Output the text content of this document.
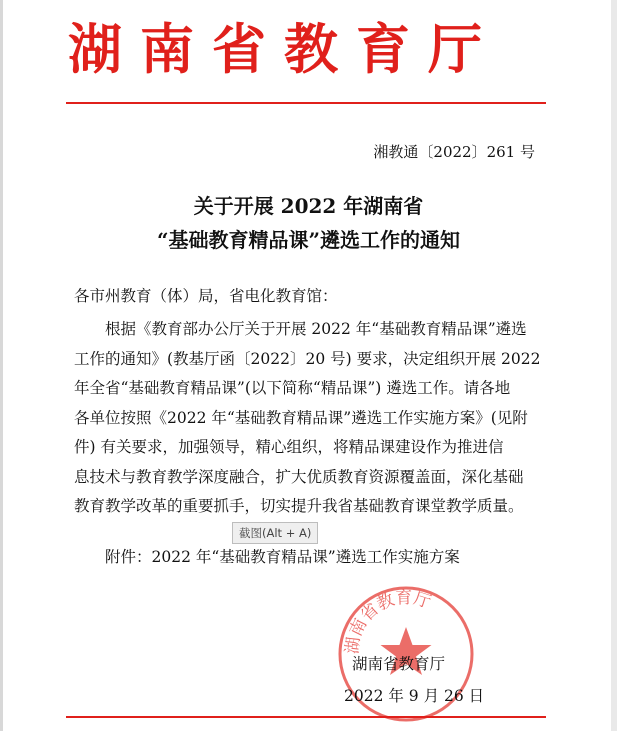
湖南省教育厅
湘教通〔2022〕261 号
关于开展 2022 年湖南省
“基础教育精品课”遴选工作的通知
各市州教育（体）局，省电化教育馆：
根据《教育部办公厅关于开展 2022 年“基础教育精品课”遴选
工作的通知》(教基厅函〔2022〕20 号) 要求，决定组织开展 2022
年全省“基础教育精品课”(以下简称“精品课”) 遴选工作。请各地
各单位按照《2022 年“基础教育精品课”遴选工作实施方案》(见附
件) 有关要求，加强领导，精心组织，将精品课建设作为推进信
息技术与教育教学深度融合，扩大优质教育资源覆盖面，深化基础
教育教学改革的重要抓手，切实提升我省基础教育课堂教学质量。
截图(Alt + A)
附件：2022 年“基础教育精品课”遴选工作实施方案
湖南省教育厅
湖南省教育厅
2022 年 9 月 26 日
